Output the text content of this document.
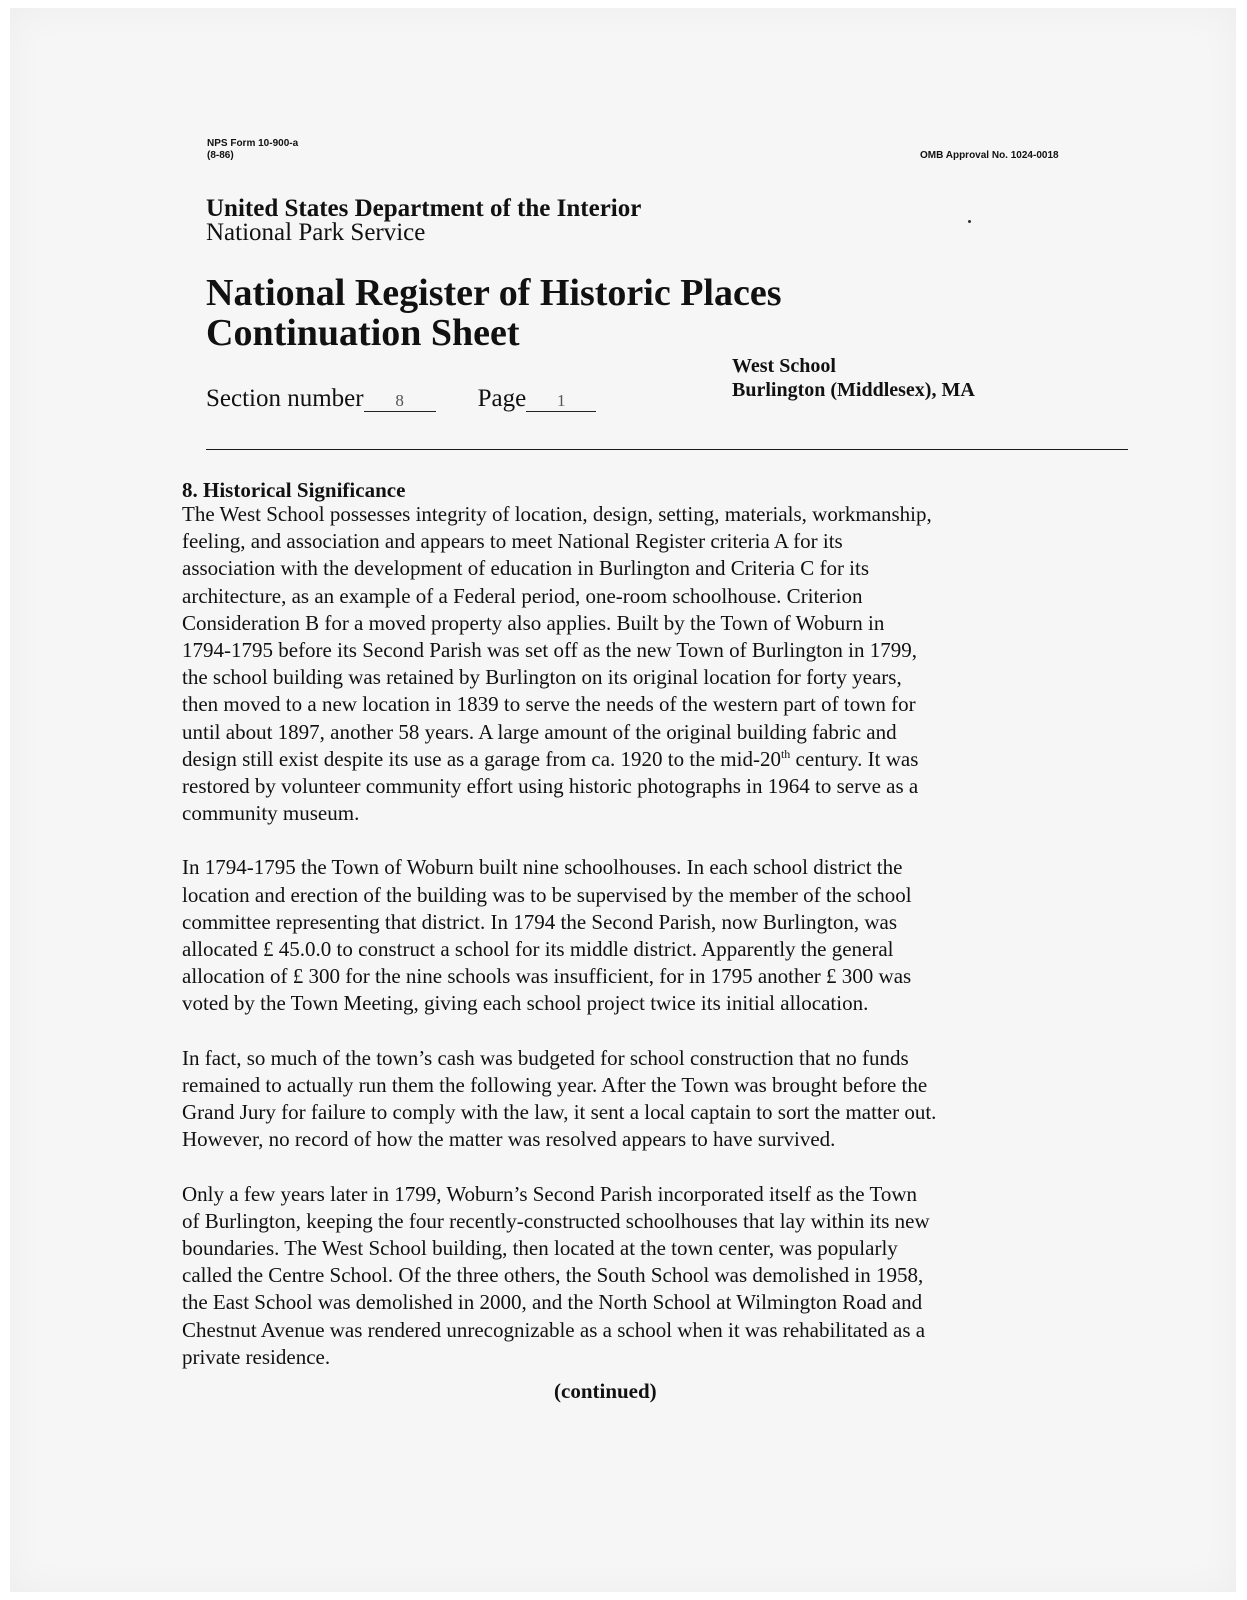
NPS Form 10-900-a
(8-86)	OMB Approval No. 1024-0018
United States Department of the Interior
National Park Service
National Register of Historic Places
Continuation Sheet
West School
Burlington (Middlesex), MA
Section number 8	Page 1
8. Historical Significance
The West School possesses integrity of location, design, setting, materials, workmanship,
feeling, and association and appears to meet National Register criteria A for its
association with the development of education in Burlington and Criteria C for its
architecture, as an example of a Federal period, one-room schoolhouse. Criterion
Consideration B for a moved property also applies. Built by the Town of Woburn in
1794-1795 before its Second Parish was set off as the new Town of Burlington in 1799,
the school building was retained by Burlington on its original location for forty years,
then moved to a new location in 1839 to serve the needs of the western part of town for
until about 1897, another 58 years. A large amount of the original building fabric and
design still exist despite its use as a garage from ca. 1920 to the mid-20th century. It was
restored by volunteer community effort using historic photographs in 1964 to serve as a
community museum.
In 1794-1795 the Town of Woburn built nine schoolhouses. In each school district the
location and erection of the building was to be supervised by the member of the school
committee representing that district. In 1794 the Second Parish, now Burlington, was
allocated £ 45.0.0 to construct a school for its middle district. Apparently the general
allocation of £ 300 for the nine schools was insufficient, for in 1795 another £ 300 was
voted by the Town Meeting, giving each school project twice its initial allocation.
In fact, so much of the town’s cash was budgeted for school construction that no funds
remained to actually run them the following year. After the Town was brought before the
Grand Jury for failure to comply with the law, it sent a local captain to sort the matter out.
However, no record of how the matter was resolved appears to have survived.
Only a few years later in 1799, Woburn’s Second Parish incorporated itself as the Town
of Burlington, keeping the four recently-constructed schoolhouses that lay within its new
boundaries. The West School building, then located at the town center, was popularly
called the Centre School. Of the three others, the South School was demolished in 1958,
the East School was demolished in 2000, and the North School at Wilmington Road and
Chestnut Avenue was rendered unrecognizable as a school when it was rehabilitated as a
private residence.
(continued)
